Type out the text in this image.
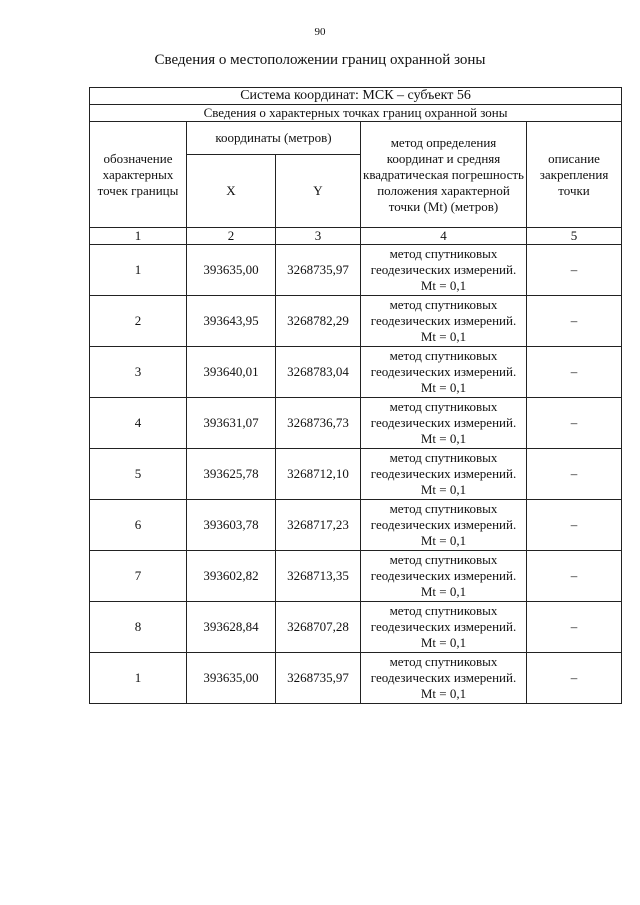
90
Сведения о местоположении границ охранной зоны
Система координат: МСК – субъект 56				
Сведения о характерных точках границ охранной зоны				
обозначение характерных точек границы	координаты (метров)		метод определения координат и средняя квадратическая погрешность положения характерной точки (Mt) (метров)	описание закрепления точки
	X	Y		
1	2	3	4	5
1	393635,00	3268735,97	метод спутниковых геодезических измерений. Mt = 0,1	–
2	393643,95	3268782,29	метод спутниковых геодезических измерений. Mt = 0,1	–
3	393640,01	3268783,04	метод спутниковых геодезических измерений. Mt = 0,1	–
4	393631,07	3268736,73	метод спутниковых геодезических измерений. Mt = 0,1	–
5	393625,78	3268712,10	метод спутниковых геодезических измерений. Mt = 0,1	–
6	393603,78	3268717,23	метод спутниковых геодезических измерений. Mt = 0,1	–
7	393602,82	3268713,35	метод спутниковых геодезических измерений. Mt = 0,1	–
8	393628,84	3268707,28	метод спутниковых геодезических измерений. Mt = 0,1	–
1	393635,00	3268735,97	метод спутниковых геодезических измерений. Mt = 0,1	–
